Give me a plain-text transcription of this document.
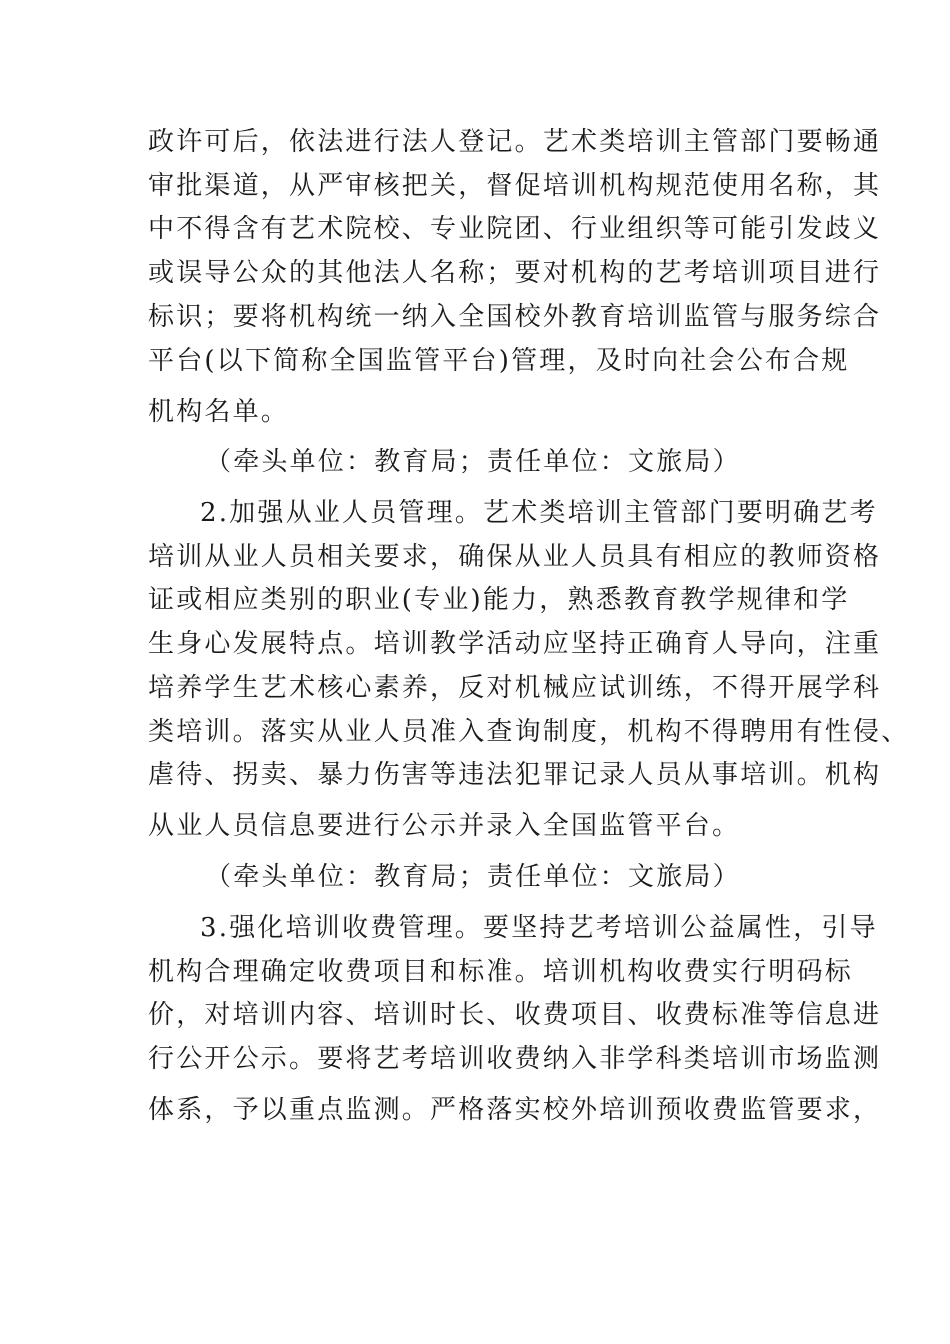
政许可后，依法进行法人登记。艺术类培训主管部门要畅通
审批渠道，从严审核把关，督促培训机构规范使用名称，其
中不得含有艺术院校、专业院团、行业组织等可能引发歧义
或误导公众的其他法人名称；要对机构的艺考培训项目进行
标识；要将机构统一纳入全国校外教育培训监管与服务综合
平台(以下简称全国监管平台)管理，及时向社会公布合规
机构名单。
（牵头单位：教育局；责任单位：文旅局）
2.加强从业人员管理。艺术类培训主管部门要明确艺考
培训从业人员相关要求，确保从业人员具有相应的教师资格
证或相应类别的职业(专业)能力，熟悉教育教学规律和学
生身心发展特点。培训教学活动应坚持正确育人导向，注重
培养学生艺术核心素养，反对机械应试训练，不得开展学科
类培训。落实从业人员准入查询制度，机构不得聘用有性侵、
虐待、拐卖、暴力伤害等违法犯罪记录人员从事培训。机构
从业人员信息要进行公示并录入全国监管平台。
（牵头单位：教育局；责任单位：文旅局）
3.强化培训收费管理。要坚持艺考培训公益属性，引导
机构合理确定收费项目和标准。培训机构收费实行明码标
价，对培训内容、培训时长、收费项目、收费标准等信息进
行公开公示。要将艺考培训收费纳入非学科类培训市场监测
体系，予以重点监测。严格落实校外培训预收费监管要求，
